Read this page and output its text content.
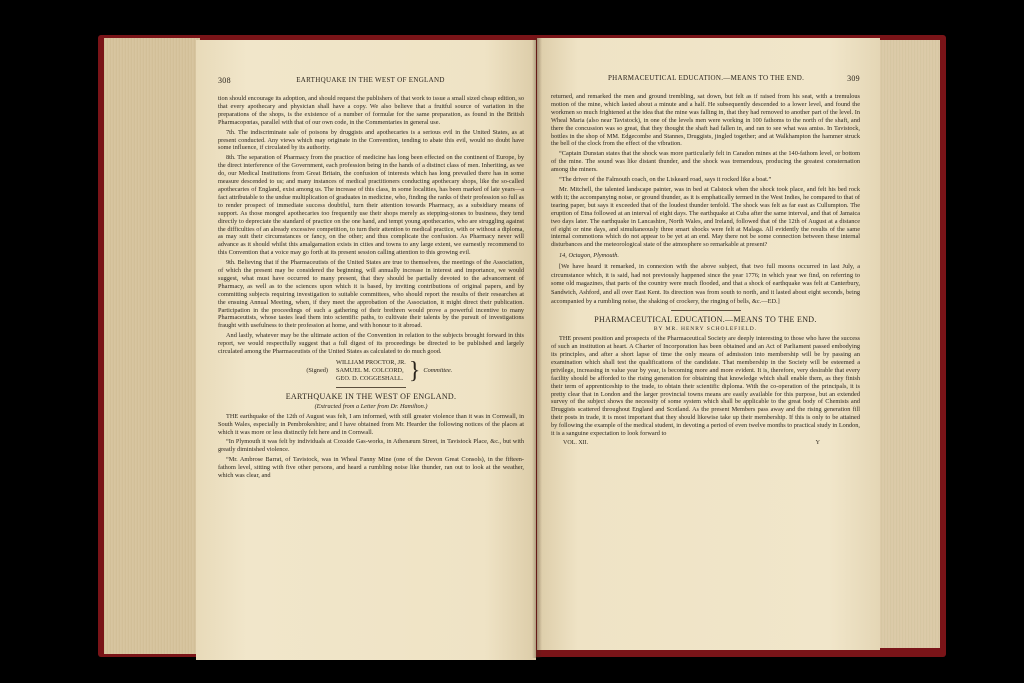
308	EARTHQUAKE IN THE WEST OF ENGLAND

tion should encourage its adoption, and should request the publishers of that work to issue a small sized cheap edition, so that every apothecary and physician shall have a copy. We also believe that a fruitful source of variation in the preparations of the shops, is the existence of a number of formulæ for the same preparation, as found in the British Pharmacopœias, parallel with that of our own code, in the Commentaries in general use.

7th. The indiscriminate sale of poisons by druggists and apothecaries is a serious evil in the United States, as at present conducted. Any views which may originate in the Convention, tending to abate this evil, would no doubt have some influence, if circulated by its authority.

8th. The separation of Pharmacy from the practice of medicine has long been effected on the continent of Europe, by the direct interference of the Government, each profession being in the hands of a distinct class of men. Inheriting, as we do, our Medical Institutions from Great Britain, the confusion of interests which has long prevailed there has in some measure descended to us; and many instances of medical practitioners conducting apothecary shops, like the so-called apothecaries of England, exist among us. The increase of this class, in some localities, has been marked of late years—a fact attributable to the undue multiplication of graduates in medicine, who, finding the ranks of their profession so full as to render prospect of immediate success doubtful, turn their attention towards Pharmacy, as a subsidiary means of support. As those mongrel apothecaries too frequently use their shops merely as stepping-stones to business, they tend directly to depreciate the standard of practice on the one hand, and tempt young apothecaries, who are struggling against the difficulties of an already excessive competition, to turn their attention to medical practice, with or without a diploma, as may suit their circumstances or fancy, on the other; and thus complicate the confusion. As Pharmacy never will advance as it should whilst this amalgamation exists in cities and towns to any large extent, we earnestly recommend to this Convention that a voice may go forth at its present session calling attention to this growing evil.

9th. Believing that if the Pharmaceutists of the United States are true to themselves, the meetings of the Association, of which the present may be considered the beginning, will annually increase in interest and importance, we would suggest, what must have occurred to many present, that they should be partially devoted to the advancement of Pharmacy, as well as to the sciences upon which it is based, by inviting contributions of original papers, and by committing subjects requiring investigation to suitable committees, who should report the results of their researches at the ensuing Annual Meeting, when, if they meet the approbation of the Association, it might direct their publication. Participation in the proceedings of such a gathering of their brethren would prove a powerful incentive to many Pharmaceutists, whose tastes lead them into scientific paths, to cultivate their talents by the pursuit of investigations fraught with usefulness to their profession at home, and with honour to it abroad.

And lastly, whatever may be the ultimate action of the Convention in relation to the subjects brought forward in this report, we would respectfully suggest that a full digest of its proceedings be directed to be published and largely circulated among the Pharmaceutists of the United States as calculated to do much good.

(Signed)
WILLIAM PROCTOR, JR.
SAMUEL M. COLCORD,
GEO. D. COGGESHALL. } Committee.
EARTHQUAKE IN THE WEST OF ENGLAND.
(Extracted from a Letter from Dr. Hamilton.)

THE earthquake of the 12th of August was felt, I am informed, with still greater violence than it was in Cornwall, in South Wales, especially in Pembrokeshire; and I have obtained from Mr. Hearder the following notices of the places at which it was more or less distinctly felt here and in Cornwall.

“In Plymouth it was felt by individuals at Coxside Gas-works, in Athenæum Street, in Tavistock Place, &c., but with greatly diminished violence.

“Mr. Ambrose Barrat, of Tavistock, was in Wheal Fanny Mine (one of the Devon Great Consols), in the fifteen-fathom level, sitting with five other persons, and heard a rumbling noise like thunder, ran out to look at the weather, which was clear, and

PHARMACEUTICAL EDUCATION.—MEANS TO THE END.	309

returned, and remarked the men and ground trembling, sat down, but felt as if raised from his seat, with a tremulous motion of the mine, which lasted about a minute and a half. He subsequently descended to a lower level, and found the workmen so much frightened at the idea that the mine was falling in, that they had removed to another part of the level. In Wheal Maria (also near Tavistock), in one of the levels men were working in 100 fathoms to the north of the shaft, and there the concussion was so great, that they thought the shaft had fallen in, and ran to see what was amiss. In Tavistock, bottles in the shop of MM. Edgecombe and Stannes, Druggists, jingled together; and at Walkhampton the hammer struck the bell of the clock from the effect of the vibration.

“Captain Dunstan states that the shock was more particularly felt in Caradon mines at the 140-fathom level, or bottom of the mine. The sound was like distant thunder, and the shock was tremendous, producing the greatest consternation among the miners.

“The driver of the Falmouth coach, on the Liskeard road, says it rocked like a boat.”

Mr. Mitchell, the talented landscape painter, was in bed at Calstock when the shock took place, and felt his bed rock with it; the accompanying noise, or ground thunder, as it is emphatically termed in the West Indies, he compared to that of tearing paper, but says it exceeded that of the loudest thunder tenfold. The shock was felt as far east as Cullumpton. The eruption of Etna followed at an interval of eight days. The earthquake at Cuba after the same interval, and that of Jamaica two days later. The earthquake in Lancashire, North Wales, and Ireland, followed that of the 12th of August at a distance of eight or nine days, and simultaneously three smart shocks were felt at Malaga. All evidently the results of the same internal commotions which do not appear to be yet at an end. May there not be some connection between these internal disturbances and the meteorological state of the atmosphere so remarkable at present?

14, Octagon, Plymouth.

[We have heard it remarked, in connexion with the above subject, that two full moons occurred in last July, a circumstance which, it is said, had not previously happened since the year 1776; in which year we find, on referring to some old magazines, that parts of the country were much flooded, and that a shock of earthquake was felt at Canterbury, Sandwich, Ashford, and all over East Kent. Its direction was from south to north, and it lasted about eight seconds, being accompanied by a rumbling noise, the shaking of crockery, the ringing of bells, &c.—ED.]

PHARMACEUTICAL EDUCATION.—MEANS TO THE END.
BY MR. HENRY SCHOLEFIELD.

THE present position and prospects of the Pharmaceutical Society are deeply interesting to those who have the success of such an institution at heart. A Charter of Incorporation has been obtained and an Act of Parliament passed embodying its principles, and after a short lapse of time the only means of admission into membership will be by passing an examination which shall test the qualifications of the candidate. That membership in the Society will be esteemed a privilege, increasing in value year by year, is becoming more and more evident. It is, therefore, very desirable that every facility should be afforded to the rising generation for obtaining that knowledge which shall enable them, as they finish their term of apprenticeship to the trade, to obtain their scientific diploma. With the co-operation of the principals, it is pretty clear that in London and the larger provincial towns means are easily available for this purpose, but an extended survey of the subject shows the necessity of some system which shall be applicable to the great body of Chemists and Druggists scattered throughout England and Scotland. As the present Members pass away and the rising generation fill their posts in trade, it is most important that they should likewise take up their membership. If this is only to be attained by following the example of the medical student, in devoting a period of even twelve months to practical study in London, it is a sanguine expectation to look forward to

VOL. XII.	Y
